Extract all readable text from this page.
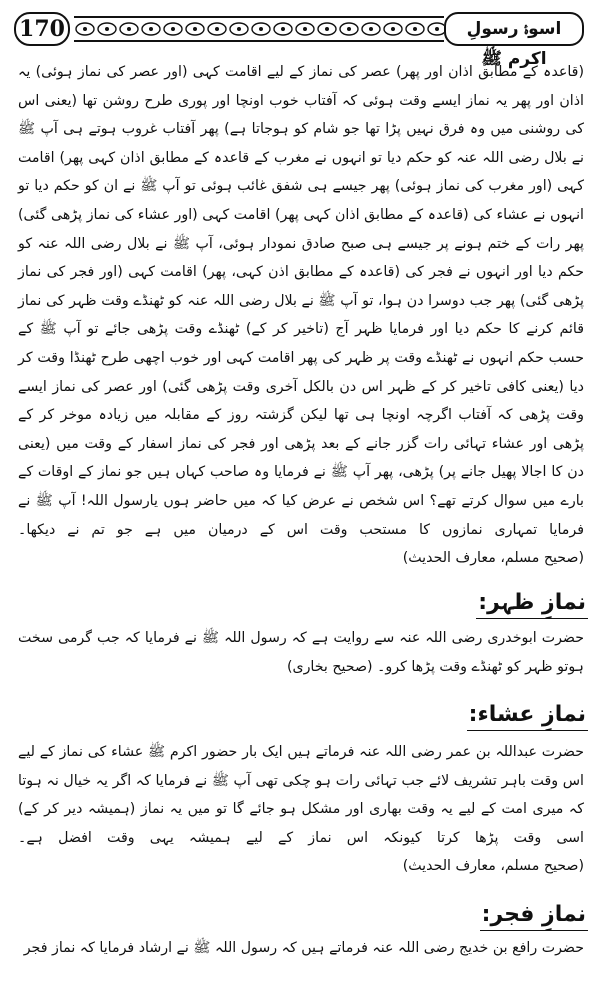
170	اسوۂ رسولِ اکرم ﷺ
(قاعدہ کے مطابق اذان اور پھر) عصر کی نماز کے لیے اقامت کہی (اور عصر کی نماز ہوئی) یہ اذان اور پھر یہ نماز ایسے وقت ہوئی کہ آفتاب خوب اونچا اور پوری طرح روشن تھا (یعنی اس کی روشنی میں وہ فرق نہیں پڑا تھا جو شام کو ہوجاتا ہے) پھر آفتاب غروب ہوتے ہی آپ ﷺ نے بلال رضی اللہ عنہ کو حکم دیا تو انہوں نے مغرب کے قاعدہ کے مطابق اذان کہی پھر) اقامت کہی (اور مغرب کی نماز ہوئی) پھر جیسے ہی شفق غائب ہوئی تو آپ ﷺ نے ان کو حکم دیا تو انہوں نے عشاء کی (قاعدہ کے مطابق اذان کہی پھر) اقامت کہی (اور عشاء کی نماز پڑھی گئی) پھر رات کے ختم ہونے پر جیسے ہی صبح صادق نمودار ہوئی، آپ ﷺ نے بلال رضی اللہ عنہ کو حکم دیا اور انہوں نے فجر کی (قاعدہ کے مطابق اذن کہی، پھر) اقامت کہی (اور فجر کی نماز پڑھی گئی) پھر جب دوسرا دن ہوا، تو آپ ﷺ نے بلال رضی اللہ عنہ کو ٹھنڈے وقت ظہر کی نماز قائم کرنے کا حکم دیا اور فرمایا ظہر آج (تاخیر کر کے) ٹھنڈے وقت پڑھی جائے تو آپ ﷺ کے حسب حکم انہوں نے ٹھنڈے وقت پر ظہر کی پھر اقامت کہی اور خوب اچھی طرح ٹھنڈا وقت کر دیا (یعنی کافی تاخیر کر کے ظہر اس دن بالکل آخری وقت پڑھی گئی) اور عصر کی نماز ایسے وقت پڑھی کہ آفتاب اگرچہ اونچا ہی تھا لیکن گزشتہ روز کے مقابلہ میں زیادہ موخر کر کے پڑھی اور عشاء تہائی رات گزر جانے کے بعد پڑھی اور فجر کی نماز اسفار کے وقت میں (یعنی دن کا اجالا پھیل جانے پر) پڑھی، پھر آپ ﷺ نے فرمایا وہ صاحب کہاں ہیں جو نماز کے اوقات کے بارے میں سوال کرتے تھے؟ اس شخص نے عرض کیا کہ میں حاضر ہوں یارسول اللہ! آپ ﷺ نے فرمایا تمہاری نمازوں کا مستحب وقت اس کے درمیان میں ہے جو تم نے دیکھا۔ (صحیح مسلم، معارف الحدیث)
نمازِ ظہر:
حضرت ابوخدری رضی اللہ عنہ سے روایت ہے کہ رسول اللہ ﷺ نے فرمایا کہ جب گرمی سخت ہوتو ظہر کو ٹھنڈے وقت پڑھا کرو۔ (صحیح بخاری)
نمازِ عشاء:
حضرت عبداللہ بن عمر رضی اللہ عنہ فرماتے ہیں ایک بار حضور اکرم ﷺ عشاء کی نماز کے لیے اس وقت باہر تشریف لائے جب تہائی رات ہو چکی تھی آپ ﷺ نے فرمایا کہ اگر یہ خیال نہ ہوتا کہ میری امت کے لیے یہ وقت بھاری اور مشکل ہو جائے گا تو میں یہ نماز (ہمیشہ دیر کر کے) اسی وقت پڑھا کرتا کیونکہ اس نماز کے لیے ہمیشہ یہی وقت افضل ہے۔ (صحیح مسلم، معارف الحدیث)
نمازِ فجر:
حضرت رافع بن خدیج رضی اللہ عنہ فرماتے ہیں کہ رسول اللہ ﷺ نے ارشاد فرمایا کہ نماز فجر
